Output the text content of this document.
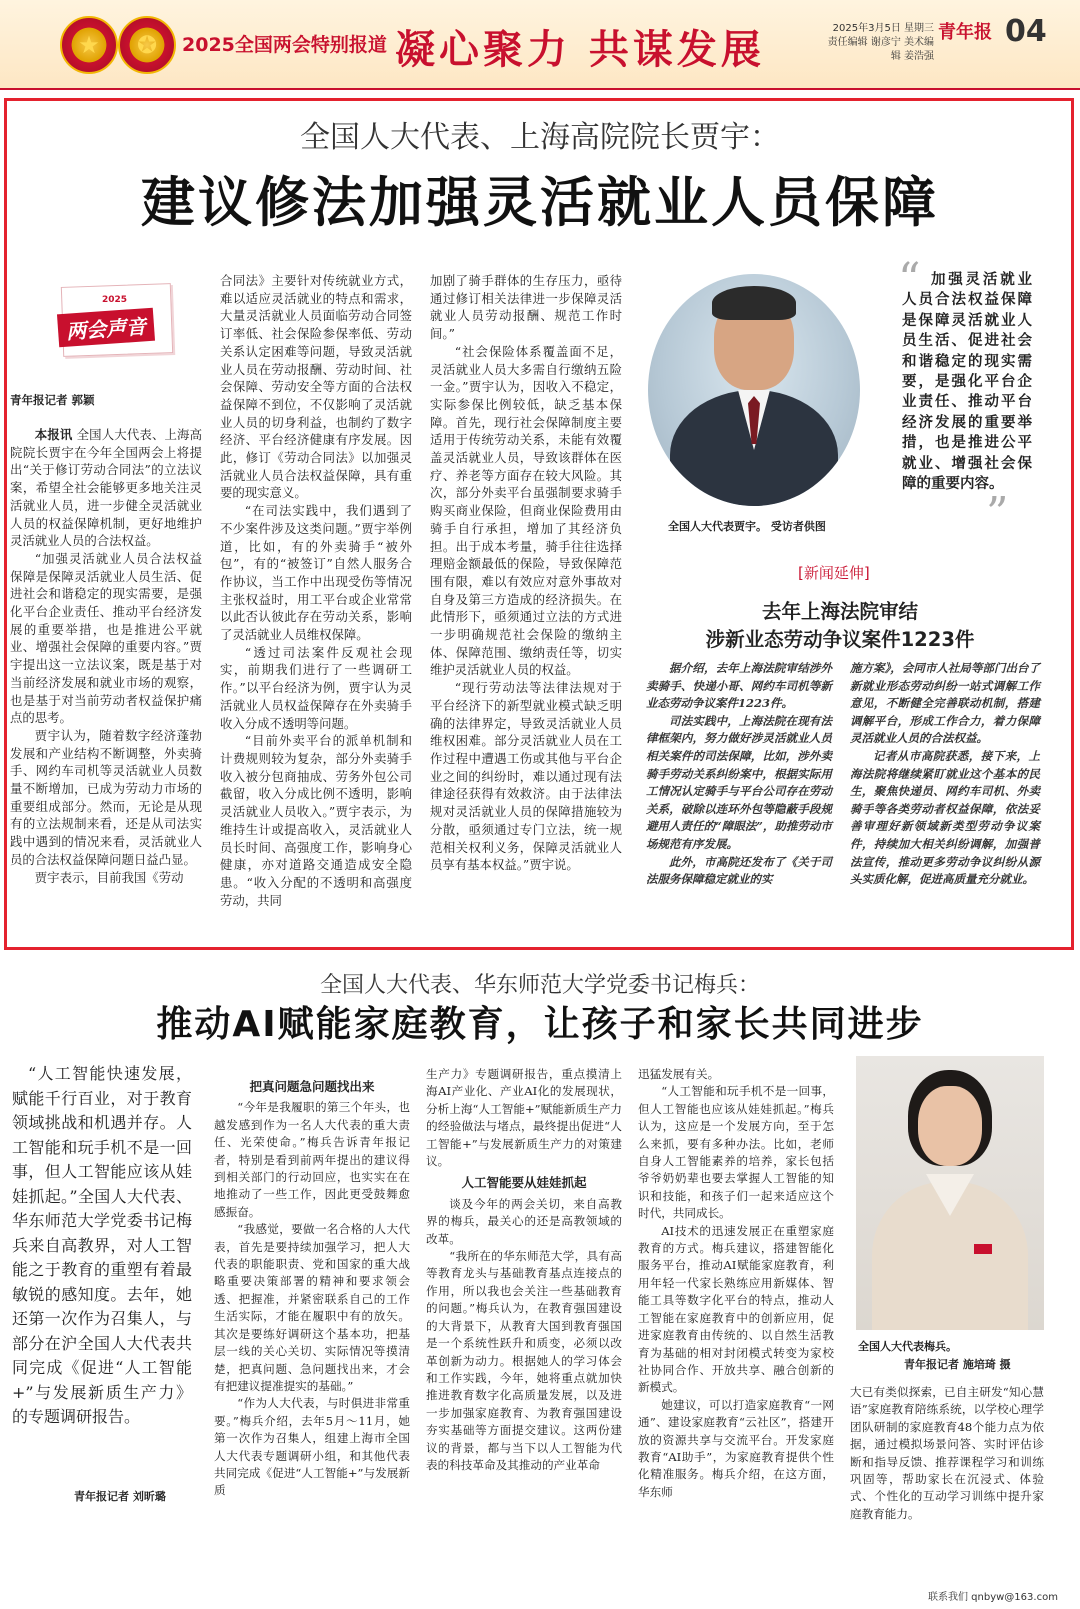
★ ✪ 2025全国两会特别报道 凝心聚力 共谋发展	2025年3月5日 星期三
责任编辑 谢彦宁 美术编辑 姜浩强
青年报 04
全国人大代表、上海高院院长贾宇：
建议修法加强灵活就业人员保障
2025
两会声音
青年报记者 郭颖

本报讯 全国人大代表、上海高院院长贾宇在今年全国两会上将提出“关于修订劳动合同法”的立法议案，希望全社会能够更多地关注灵活就业人员，进一步健全灵活就业人员的权益保障机制，更好地维护灵活就业人员的合法权益。

“加强灵活就业人员合法权益保障是保障灵活就业人员生活、促进社会和谐稳定的现实需要，是强化平台企业责任、推动平台经济发展的重要举措，也是推进公平就业、增强社会保障的重要内容。”贾宇提出这一立法议案，既是基于对当前经济发展和就业市场的观察，也是基于对当前劳动者权益保护痛点的思考。

贾宇认为，随着数字经济蓬勃发展和产业结构不断调整，外卖骑手、网约车司机等灵活就业人员数量不断增加，已成为劳动力市场的重要组成部分。然而，无论是从现有的立法规制来看，还是从司法实践中遇到的情况来看，灵活就业人员的合法权益保障问题日益凸显。

贾宇表示，目前我国《劳动

合同法》主要针对传统就业方式，难以适应灵活就业的特点和需求，大量灵活就业人员面临劳动合同签订率低、社会保险参保率低、劳动关系认定困难等问题，导致灵活就业人员在劳动报酬、劳动时间、社会保障、劳动安全等方面的合法权益保障不到位，不仅影响了灵活就业人员的切身利益，也制约了数字经济、平台经济健康有序发展。因此，修订《劳动合同法》以加强灵活就业人员合法权益保障，具有重要的现实意义。

“在司法实践中，我们遇到了不少案件涉及这类问题。”贾宇举例道，比如，有的外卖骑手“被外包”，有的“被签订”自然人服务合作协议，当工作中出现受伤等情况主张权益时，用工平台或企业常常以此否认彼此存在劳动关系，影响了灵活就业人员维权保障。

“透过司法案件反观社会现实，前期我们进行了一些调研工作。”以平台经济为例，贾宇认为灵活就业人员权益保障存在外卖骑手收入分成不透明等问题。

“目前外卖平台的派单机制和计费规则较为复杂，部分外卖骑手收入被分包商抽成、劳务外包公司截留，收入分成比例不透明，影响灵活就业人员收入。”贾宇表示，为维持生计或提高收入，灵活就业人员长时间、高强度工作，影响身心健康，亦对道路交通造成安全隐患。“收入分配的不透明和高强度劳动，共同

加剧了骑手群体的生存压力，亟待通过修订相关法律进一步保障灵活就业人员劳动报酬、规范工作时间。”

“社会保险体系覆盖面不足，灵活就业人员大多需自行缴纳五险一金。”贾宇认为，因收入不稳定，实际参保比例较低，缺乏基本保障。首先，现行社会保障制度主要适用于传统劳动关系，未能有效覆盖灵活就业人员，导致该群体在医疗、养老等方面存在较大风险。其次，部分外卖平台虽强制要求骑手购买商业保险，但商业保险费用由骑手自行承担，增加了其经济负担。出于成本考量，骑手往往选择理赔金额最低的保险，导致保障范围有限，难以有效应对意外事故对自身及第三方造成的经济损失。在此情形下，亟须通过立法的方式进一步明确规范社会保险的缴纳主体、保障范围、缴纳责任等，切实维护灵活就业人员的权益。

“现行劳动法等法律法规对于平台经济下的新型就业模式缺乏明确的法律界定，导致灵活就业人员维权困难。部分灵活就业人员在工作过程中遭遇工伤或其他与平台企业之间的纠纷时，难以通过现有法律途径获得有效救济。由于法律法规对灵活就业人员的保障措施较为分散，亟须通过专门立法，统一规范相关权利义务，保障灵活就业人员享有基本权益。”贾宇说。

全国人大代表贾宇。 受访者供图
“ 加强灵活就业人员合法权益保障是保障灵活就业人员生活、促进社会和谐稳定的现实需要，是强化平台企业责任、推动平台经济发展的重要举措，也是推进公平就业、增强社会保障的重要内容。
”
[新闻延伸]
去年上海法院审结
涉新业态劳动争议案件1223件

据介绍，去年上海法院审结涉外卖骑手、快递小哥、网约车司机等新业态劳动争议案件1223件。

司法实践中，上海法院在现有法律框架内，努力做好涉灵活就业人员相关案件的司法保障，比如，涉外卖骑手劳动关系纠纷案中，根据实际用工情况认定骑手与平台公司存在劳动关系，破除以连环外包等隐蔽手段规避用人责任的“障眼法”，助推劳动市场规范有序发展。

此外，市高院还发布了《关于司法服务保障稳定就业的实

施方案》，会同市人社局等部门出台了新就业形态劳动纠纷一站式调解工作意见，不断健全完善联动机制，搭建调解平台，形成工作合力，着力保障灵活就业人员的合法权益。

记者从市高院获悉，接下来，上海法院将继续紧盯就业这个基本的民生，聚焦快递员、网约车司机、外卖骑手等各类劳动者权益保障，依法妥善审理好新领域新类型劳动争议案件，持续加大相关纠纷调解，加强普法宣传，推动更多劳动争议纠纷从源头实质化解，促进高质量充分就业。

全国人大代表、华东师范大学党委书记梅兵：
推动AI赋能家庭教育，让孩子和家长共同进步

“人工智能快速发展，赋能千行百业，对于教育领域挑战和机遇并存。人工智能和玩手机不是一回事，但人工智能应该从娃娃抓起。”全国人大代表、华东师范大学党委书记梅兵来自高教界，对人工智能之于教育的重塑有着最敏锐的感知度。去年，她还第一次作为召集人，与部分在沪全国人大代表共同完成《促进“人工智能+”与发展新质生产力》的专题调研报告。

青年报记者 刘昕璐

把真问题急问题找出来

“今年是我履职的第三个年头，也越发感到作为一名人大代表的重大责任、光荣使命。”梅兵告诉青年报记者，特别是看到前两年提出的建议得到相关部门的行动回应，也实实在在地推动了一些工作，因此更受鼓舞愈感振奋。

“我感觉，要做一名合格的人大代表，首先是要持续加强学习，把人大代表的职能职责、党和国家的重大战略重要决策部署的精神和要求领会透、把握准，并紧密联系自己的工作生活实际，才能在履职中有的放矢。其次是要练好调研这个基本功，把基层一线的关心关切、实际情况等摸清楚，把真问题、急问题找出来，才会有把建议提准提实的基础。”

“作为人大代表，与时俱进非常重要。”梅兵介绍，去年5月～11月，她第一次作为召集人，组建上海市全国人大代表专题调研小组，和其他代表共同完成《促进“人工智能+”与发展新质

生产力》专题调研报告，重点摸清上海AI产业化、产业AI化的发展现状，分析上海“人工智能+”赋能新质生产力的经验做法与堵点，最终提出促进“人工智能+”与发展新质生产力的对策建议。

人工智能要从娃娃抓起

谈及今年的两会关切，来自高教界的梅兵，最关心的还是高教领域的改革。

“我所在的华东师范大学，具有高等教育龙头与基础教育基点连接点的作用，所以我也会关注一些基础教育的问题。”梅兵认为，在教育强国建设的大背景下，从教育大国到教育强国是一个系统性跃升和质变，必须以改革创新为动力。根据她人的学习体会和工作实践，今年，她将重点就加快推进教育数字化高质量发展，以及进一步加强家庭教育、为教育强国建设夯实基础等方面提交建议。这两份建议的背景，都与当下以人工智能为代表的科技革命及其推动的产业革命

迅猛发展有关。

“人工智能和玩手机不是一回事，但人工智能也应该从娃娃抓起。”梅兵认为，这应是一个发展方向，至于怎么来抓，要有多种办法。比如，老师自身人工智能素养的培养，家长包括爷爷奶奶辈也要去掌握人工智能的知识和技能，和孩子们一起来适应这个时代，共同成长。

AI技术的迅速发展正在重塑家庭教育的方式。梅兵建议，搭建智能化服务平台，推动AI赋能家庭教育，利用年轻一代家长熟练应用新媒体、智能工具等数字化平台的特点，推动人工智能在家庭教育中的创新应用，促进家庭教育由传统的、以自然生活教育为基础的相对封闭模式转变为家校社协同合作、开放共享、融合创新的新模式。

她建议，可以打造家庭教育“一网通”、建设家庭教育“云社区”，搭建开放的资源共享与交流平台。开发家庭教育“AI助手”，为家庭教育提供个性化精准服务。梅兵介绍，在这方面，华东师

全国人大代表梅兵。
青年报记者 施培琦 摄

大已有类似探索，已自主研发“知心慧语”家庭教育陪练系统，以学校心理学团队研制的家庭教育48个能力点为依据，通过模拟场景问答、实时评估诊断和指导反馈、推荐课程学习和训练巩固等，帮助家长在沉浸式、体验式、个性化的互动学习训练中提升家庭教育能力。

联系我们 qnbyw@163.com
